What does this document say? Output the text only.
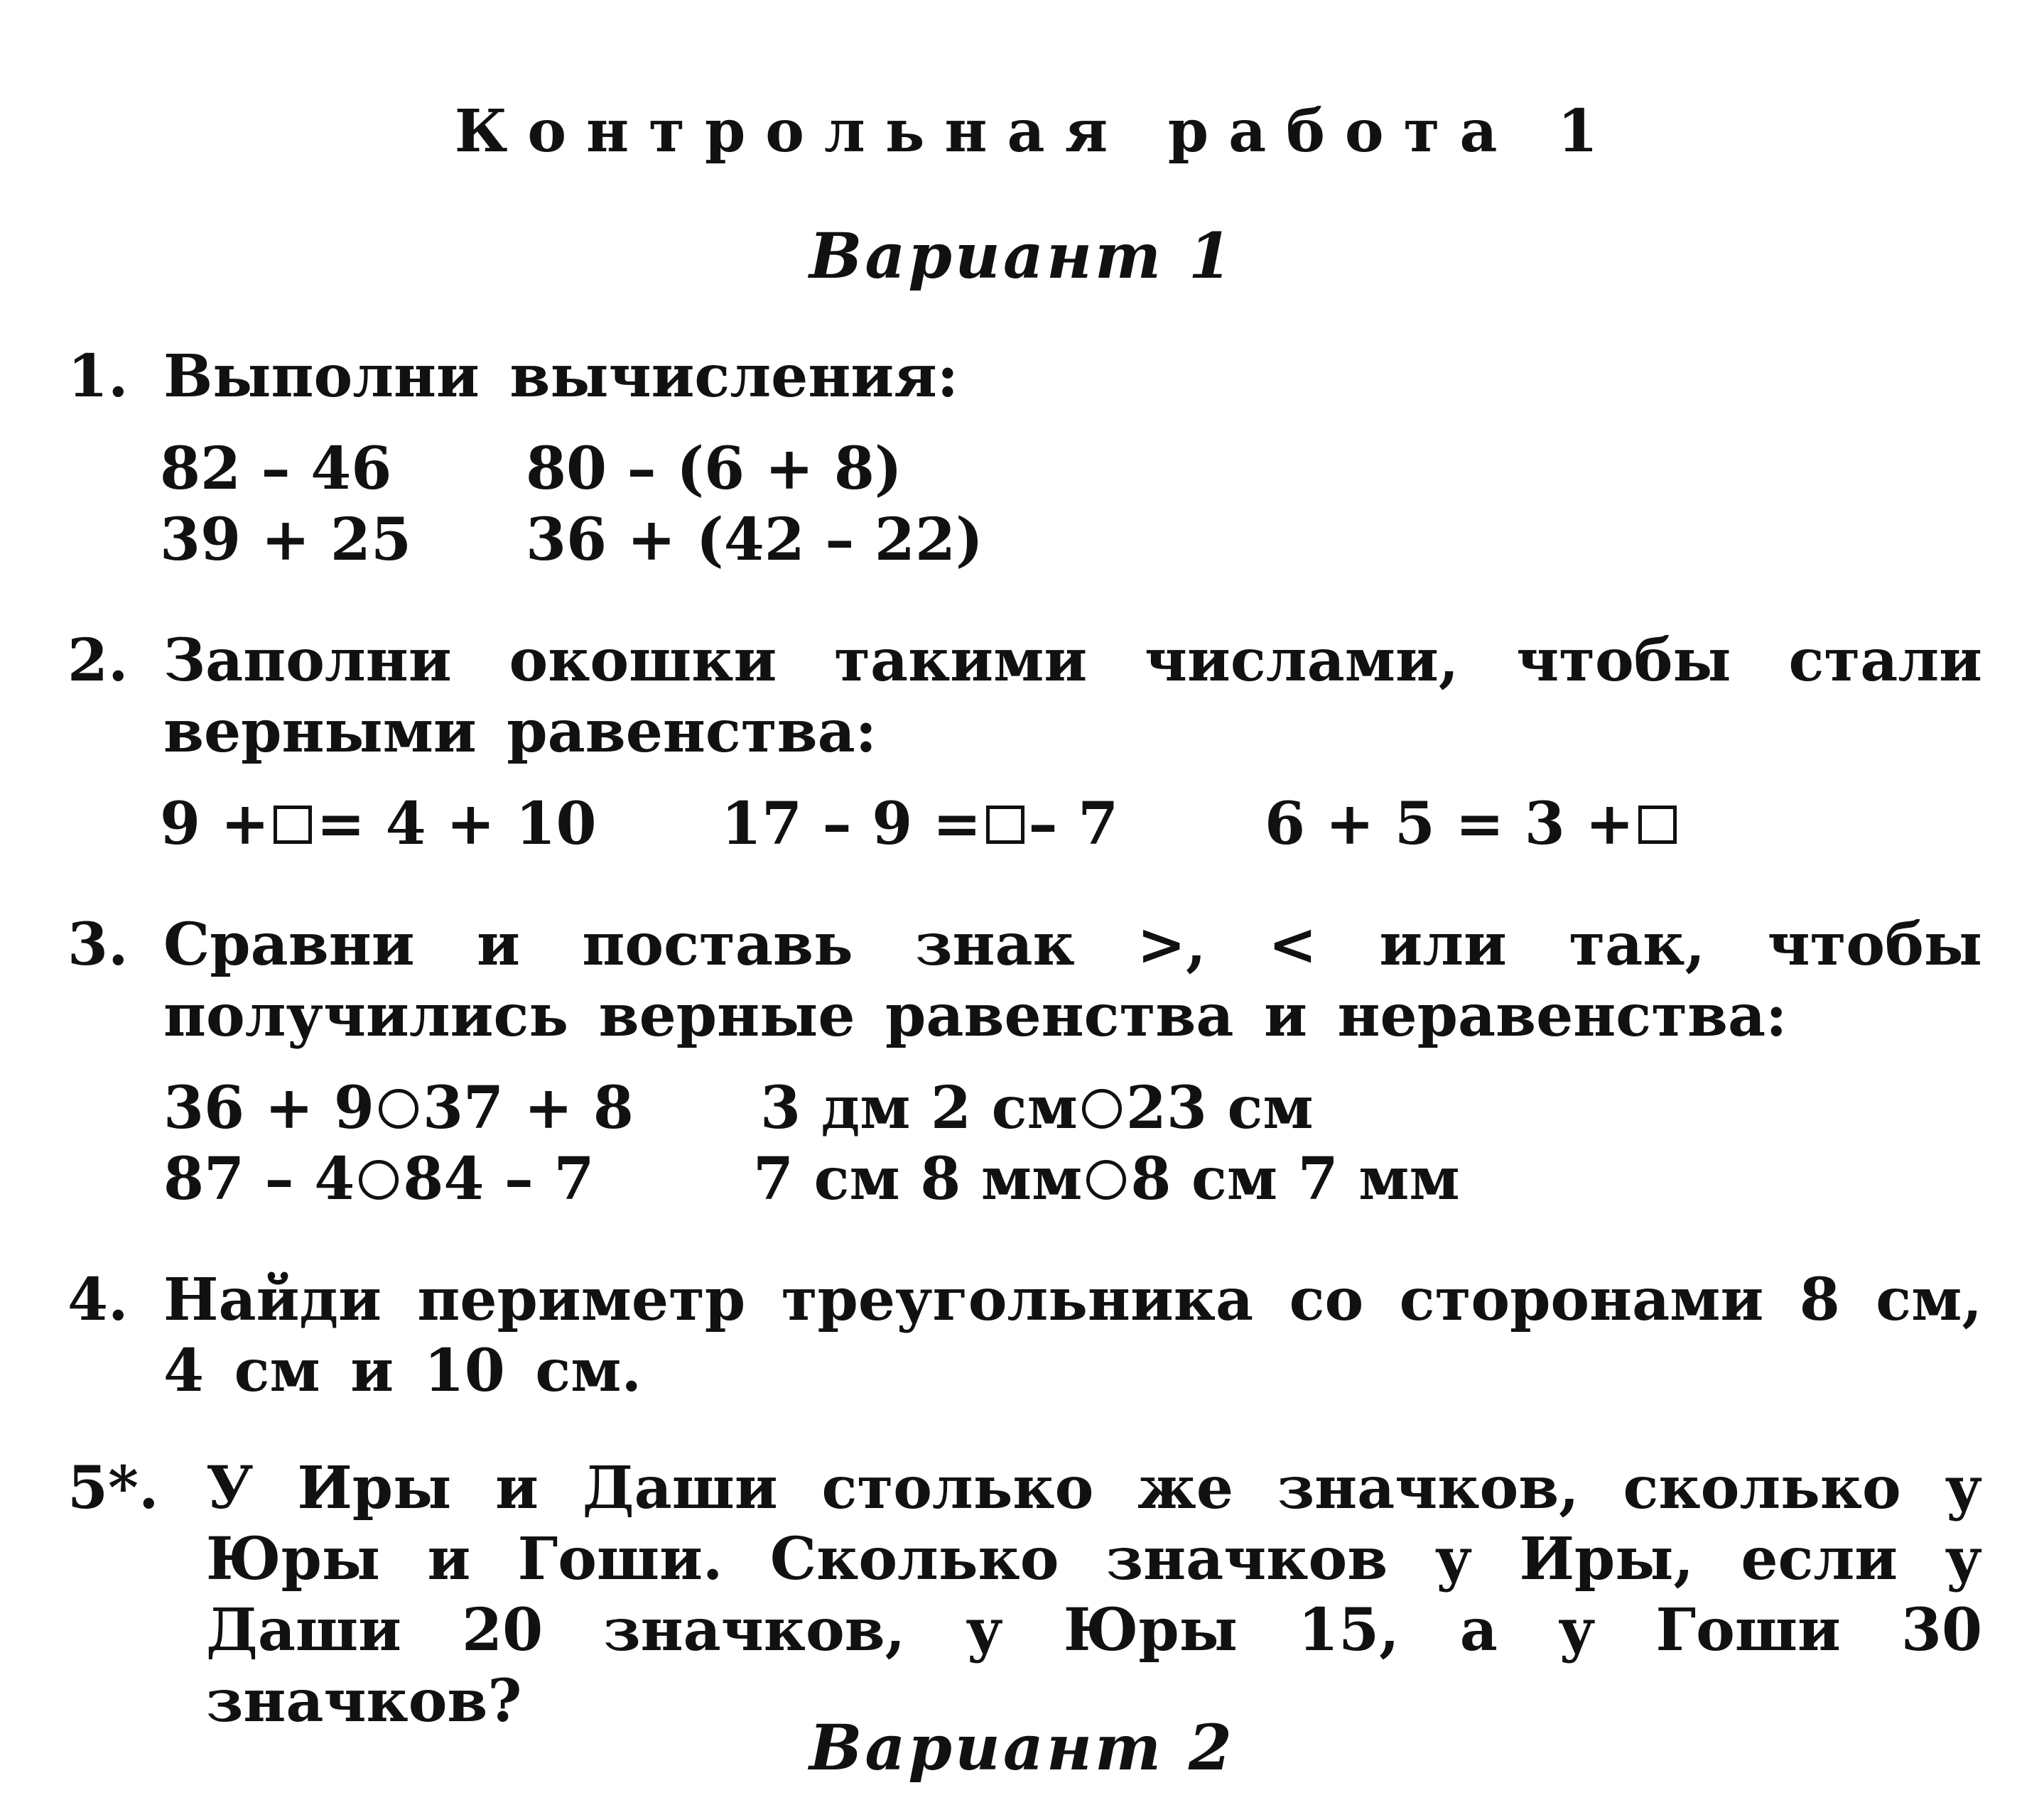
Контрольная работа 1
Вариант 1
1. Выполни вычисления:
82 – 46 80 – (6 + 8)
39 + 25 36 + (42 – 22)
2. Заполни окошки такими числами, чтобы стали верными равенства:
9 + = 4 + 10 17 – 9 = – 7	6 + 5 = 3 +
3. Сравни и поставь знак >, < или так, чтобы получились верные равенства и неравенства:
36 + 9 37 + 8 3 дм 2 см 23 см
87 – 4 84 – 7	7 см 8 мм 8 см 7 мм
4. Найди периметр треугольника со сторонами 8 см, 4 см и 10 см.
5*. У Иры и Даши столько же значков, сколько у Юры и Гоши. Сколько значков у Иры, если у Даши 20 значков, у Юры 15, а у Гоши 30 значков?
Вариант 2
